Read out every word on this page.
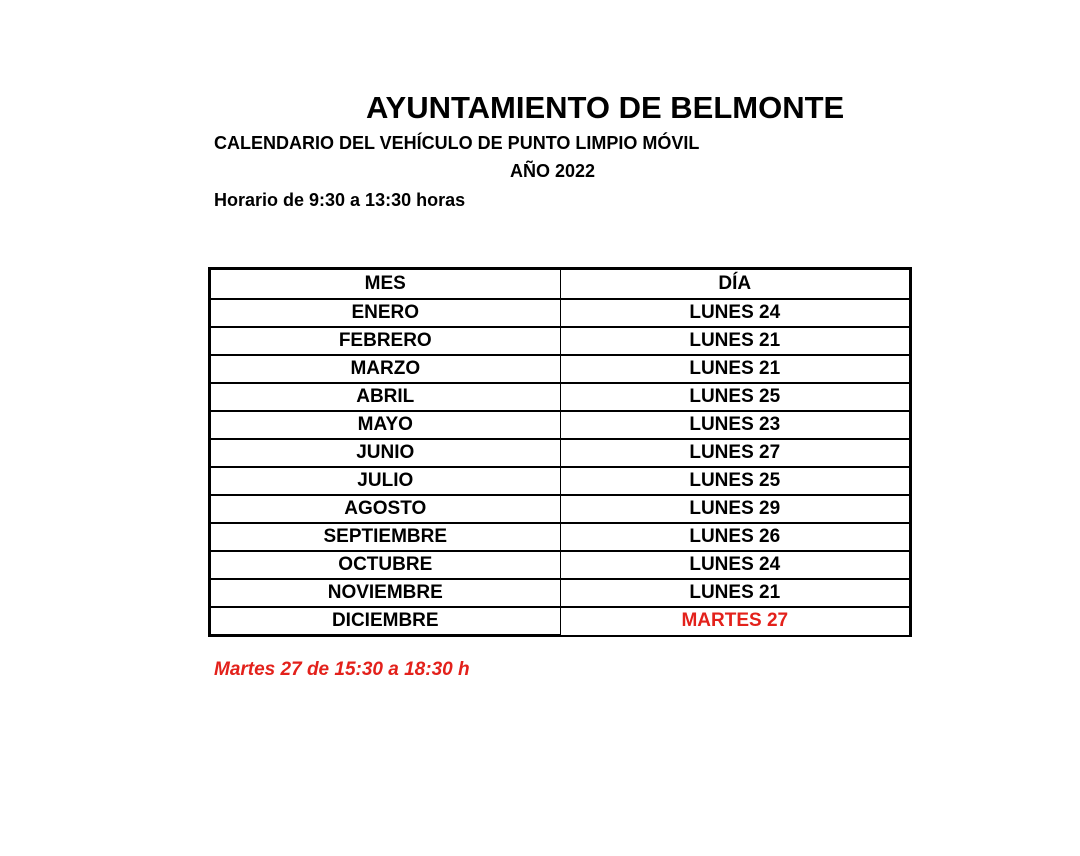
AYUNTAMIENTO DE BELMONTE
CALENDARIO DEL VEHÍCULO DE PUNTO LIMPIO MÓVIL
AÑO 2022
Horario de 9:30 a 13:30 horas
MES	DÍA
ENERO	LUNES 24
FEBRERO	LUNES 21
MARZO	LUNES 21
ABRIL	LUNES 25
MAYO	LUNES 23
JUNIO	LUNES 27
JULIO	LUNES 25
AGOSTO	LUNES 29
SEPTIEMBRE	LUNES 26
OCTUBRE	LUNES 24
NOVIEMBRE	LUNES 21
DICIEMBRE	MARTES 27
Martes 27 de 15:30 a 18:30 h
